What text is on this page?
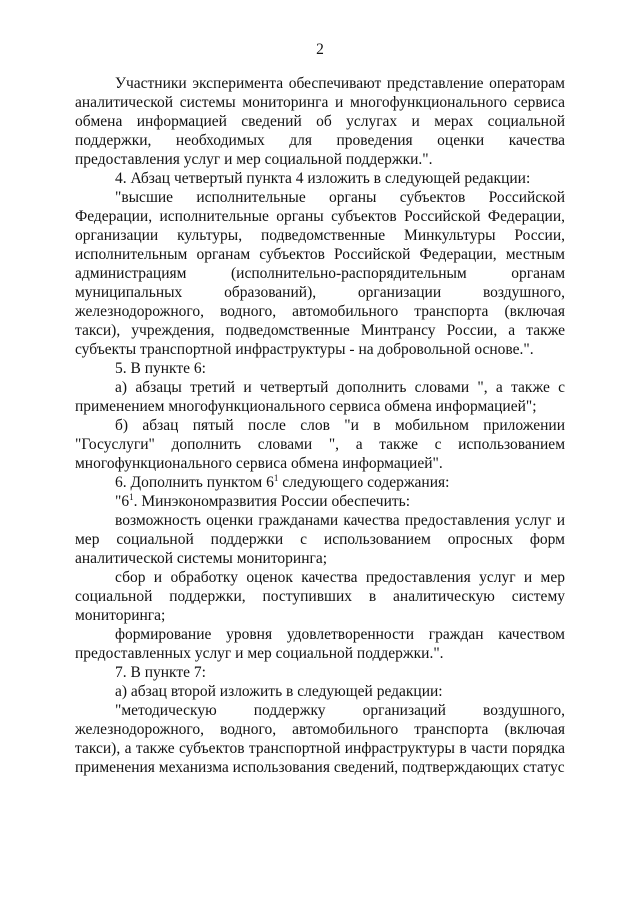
2

Участники эксперимента обеспечивают представление операторам аналитической системы мониторинга и многофункционального сервиса обмена информацией сведений об услугах и мерах социальной поддержки, необходимых для проведения оценки качества предоставления услуг и мер социальной поддержки.".

4. Абзац четвертый пункта 4 изложить в следующей редакции:

"высшие исполнительные органы субъектов Российской Федерации, исполнительные органы субъектов Российской Федерации, организации культуры, подведомственные Минкультуры России, исполнительным органам субъектов Российской Федерации, местным администрациям (исполнительно-распорядительным органам муниципальных образований), организации воздушного, железнодорожного, водного, автомобильного транспорта (включая такси), учреждения, подведомственные Минтрансу России, а также субъекты транспортной инфраструктуры - на добровольной основе.".

5. В пункте 6:

а) абзацы третий и четвертый дополнить словами ", а также с применением многофункционального сервиса обмена информацией";

б) абзац пятый после слов "и в мобильном приложении "Госуслуги" дополнить словами ", а также с использованием многофункционального сервиса обмена информацией".

6. Дополнить пунктом $6^1$ следующего содержания:

"$6^1$. Минэкономразвития России обеспечить:

возможность оценки гражданами качества предоставления услуг и мер социальной поддержки с использованием опросных форм аналитической системы мониторинга;

сбор и обработку оценок качества предоставления услуг и мер социальной поддержки, поступивших в аналитическую систему мониторинга;

формирование уровня удовлетворенности граждан качеством предоставленных услуг и мер социальной поддержки.".

7. В пункте 7:

а) абзац второй изложить в следующей редакции:

"методическую поддержку организаций воздушного, железнодорожного, водного, автомобильного транспорта (включая такси), а также субъектов транспортной инфраструктуры в части порядка применения механизма использования сведений, подтверждающих статус
